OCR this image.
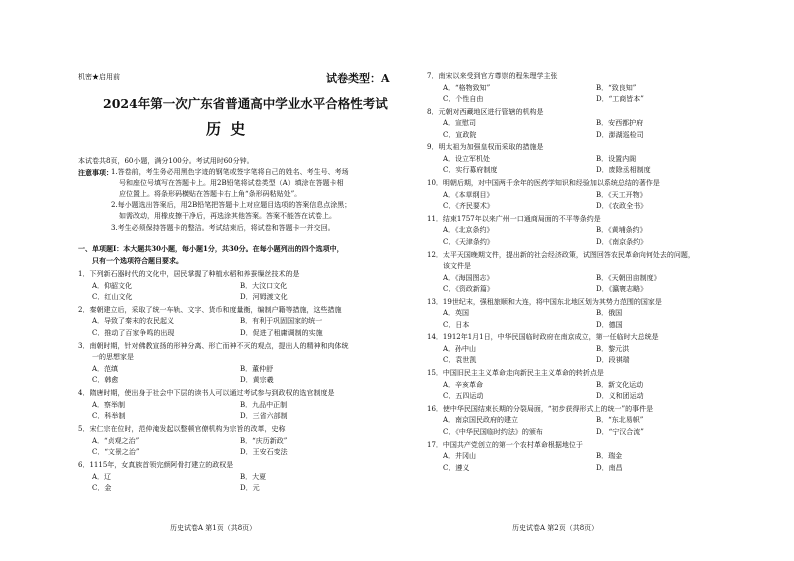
机密★启用前	试卷类型：A
2024年第一次广东省普通高中学业水平合格性考试
历 史
本试卷共8页，60小题，满分100分。考试用时60分钟。
注意事项：
1.答卷前，考生务必用黑色字迹的钢笔或签字笔将自己的姓名、考生号、考场
号和座位号填写在答题卡上。用2B铅笔将试卷类型（A）填涂在答题卡相
应位置上。将条形码横贴在答题卡右上角“条形码粘贴处”。
2.每小题选出答案后，用2B铅笔把答题卡上对应题目选项的答案信息点涂黑；
如需改动，用橡皮擦干净后，再选涂其他答案。答案不能答在试卷上。
3.考生必须保持答题卡的整洁。考试结束后，将试卷和答题卡一并交回。
一、单项题Ⅰ：本大题共30小题，每小题1分，共30分。在每小题列出的四个选项中，
只有一个选项符合题目要求。
1．下列新石器时代的文化中，居民掌握了种植水稻和养蚕缫丝技术的是
A．仰韶文化	B．大汶口文化
C．红山文化	D．河姆渡文化
2．秦朝建立后，采取了统一车轨、文字、货币和度量衡，编制户籍等措施，这些措施
A．导致了秦末的农民起义	B．有利于巩固国家的统一
C．推动了百家争鸣的出现	D．促进了租庸调制的实施
3．南朝时期，针对佛教宣扬的形神分离、形亡而神不灭的观点，提出人的精神和肉体统
一的思想家是
A．范缜	B．董仲舒
C．韩愈	D．黄宗羲
4．隋唐时期，使出身于社会中下层的读书人可以通过考试参与到政权的选官制度是
A．察举制	B．九品中正制
C．科举制	D．三省六部制
5．宋仁宗在位时，范仲淹发起以整顿官僚机构为宗旨的改革，史称
A．“贞观之治”	B．“庆历新政”
C．“文景之治”	D．王安石变法
6．1115年，女真族首领完颜阿骨打建立的政权是
A．辽	B．大夏
C．金	D．元
历史试卷A 第1页（共8页）
7．南宋以来受到官方尊崇的程朱理学主张
A．“格物致知”	B．“致良知”
C．个性自由	D．“工商皆本”
8．元朝对西藏地区进行管辖的机构是
A．宣慰司	B．安西都护府
C．宣政院	D．澎湖巡检司
9．明太祖为加强皇权而采取的措施是
A．设立军机处	B．设置内阁
C．实行募府制度	D．废除丞相制度
10．明朝后期，对中国两千余年的医药学知识和经验加以系统总结的著作是
A．《本草纲目》	B．《天工开物》
C．《齐民要术》	D．《农政全书》
11．结束1757年以来广州一口通商局面的不平等条约是
A．《北京条约》	B．《黄埔条约》
C．《天津条约》	D．《南京条约》
12．太平天国晚期文件，提出新的社会经济政策，试图回答农民革命向何处去的问题，
该文件是
A．《海国图志》	B．《天朝田亩制度》
C．《资政新篇》	D．《瀛寰志略》
13．19世纪末，强租旅顺和大连，将中国东北地区划为其势力范围的国家是
A．英国	B．俄国
C．日本	D．德国
14．1912年1月1日，中华民国临时政府在南京成立，第一任临时大总统是
A．孙中山	B．黎元洪
C．袁世凯	D．段祺瑞
15．中国旧民主主义革命走向新民主主义革命的转折点是
A．辛亥革命	B．新文化运动
C．五四运动	D．义和团运动
16．使中华民国结束长期的分裂局面，“初步获得形式上的统一”的事件是
A．南京国民政府的建立	B．“东北易帜”
C．《中华民国临时约法》的颁布	D．“宁汉合流”
17．中国共产党创立的第一个农村革命根据地位于
A．井冈山	B．瑞金
C．遵义	D．南昌
历史试卷A 第2页（共8页）
